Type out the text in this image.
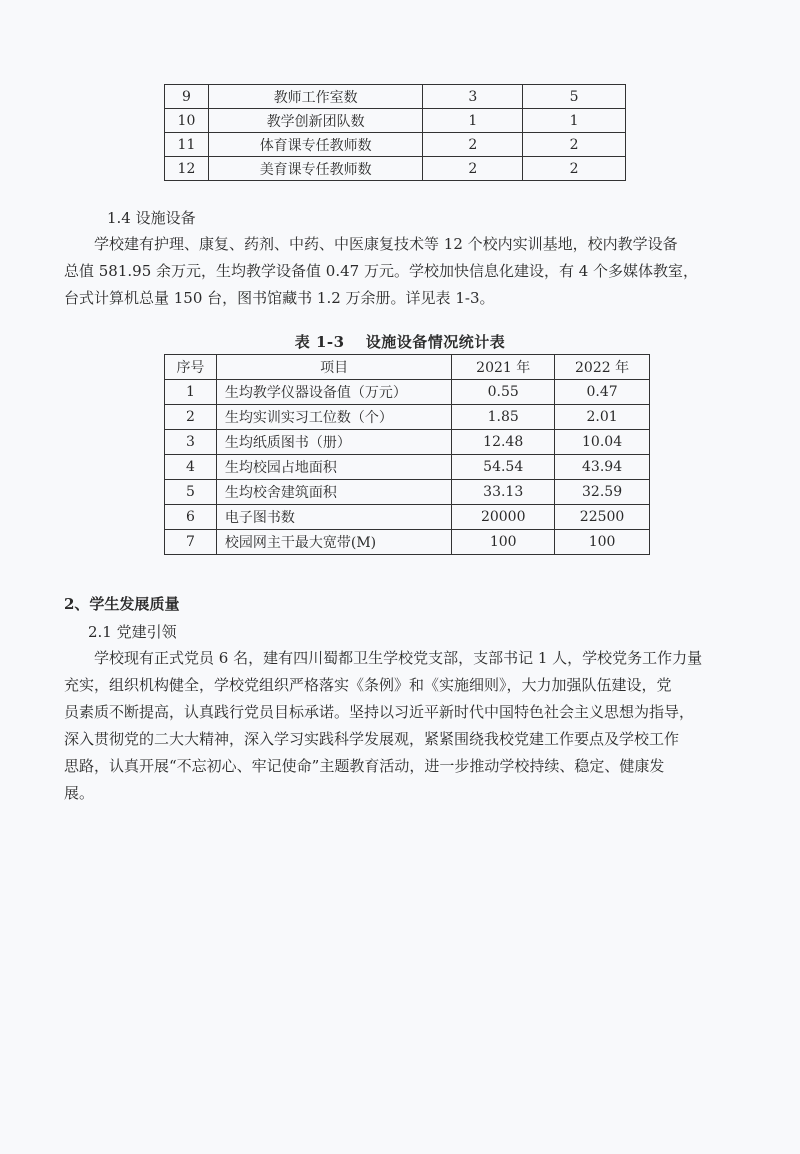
9	教师工作室数	3	5
10	教学创新团队数	1	1
11	体育课专任教师数	2	2
12	美育课专任教师数	2	2
1.4 设施设备

　　学校建有护理、康复、药剂、中药、中医康复技术等 12 个校内实训基地，校内教学设备
总值 581.95 余万元，生均教学设备值 0.47 万元。学校加快信息化建设，有 4 个多媒体教室，
台式计算机总量 150 台，图书馆藏书 1.2 万余册。详见表 1-3。

表 1-3　 设施设备情况统计表

序号	项目	2021 年	2022 年
1	生均教学仪器设备值（万元）	0.55	0.47
2	生均实训实习工位数（个）	1.85	2.01
3	生均纸质图书（册）	12.48	10.04
4	生均校园占地面积	54.54	43.94
5	生均校舍建筑面积	33.13	32.59
6	电子图书数	20000	22500
7	校园网主干最大宽带(M)	100	100
2、学生发展质量
2.1 党建引领

　　学校现有正式党员 6 名，建有四川蜀都卫生学校党支部，支部书记 1 人，学校党务工作力量
充实，组织机构健全，学校党组织严格落实《条例》和《实施细则》，大力加强队伍建设，党
员素质不断提高，认真践行党员目标承诺。坚持以习近平新时代中国特色社会主义思想为指导，
深入贯彻党的二大大精神，深入学习实践科学发展观，紧紧围绕我校党建工作要点及学校工作
思路，认真开展“不忘初心、牢记使命”主题教育活动，进一步推动学校持续、稳定、健康发
展。
